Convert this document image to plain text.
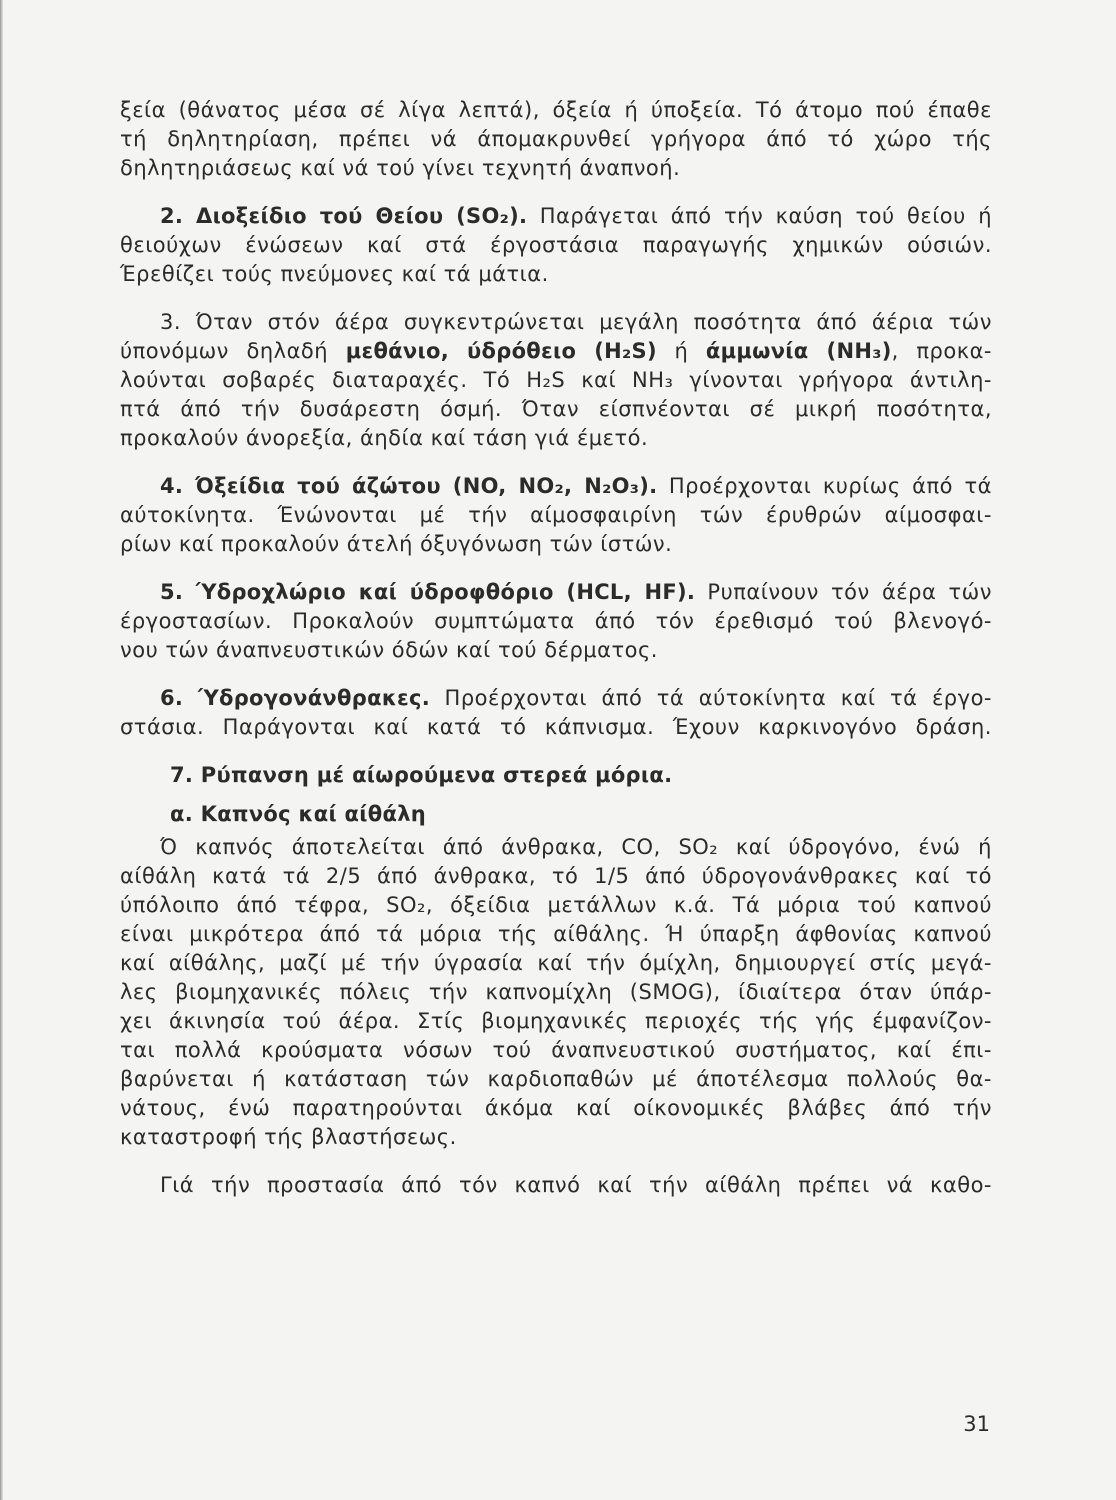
ξεία (θάνατος μέσα σέ λίγα λεπτά), όξεία ή ύποξεία. Τό άτομο πού έπαθε
τή δηλητηρίαση, πρέπει νά άπομακρυνθεί γρήγορα άπό τό χώρο τής
δηλητηριάσεως καί νά τού γίνει τεχνητή άναπνοή.
2. Διοξείδιο τού Θείου (SO₂). Παράγεται άπό τήν καύση τού θείου ή
θειούχων ένώσεων καί στά έργοστάσια παραγωγής χημικών ούσιών.
Έρεθίζει τούς πνεύμονες καί τά μάτια.
3. Όταν στόν άέρα συγκεντρώνεται μεγάλη ποσότητα άπό άέρια τών
ύπονόμων δηλαδή μεθάνιο, ύδρόθειο (H₂S) ή άμμωνία (NH₃), προκα-
λούνται σοβαρές διαταραχές. Τό H₂S καί NH₃ γίνονται γρήγορα άντιλη-
πτά άπό τήν δυσάρεστη όσμή. Όταν είσπνέονται σέ μικρή ποσότητα,
προκαλούν άνορεξία, άηδία καί τάση γιά έμετό.
4. Όξείδια τού άζώτου (NO, NO₂, N₂O₃). Προέρχονται κυρίως άπό τά
αύτοκίνητα. Ένώνονται μέ τήν αίμοσφαιρίνη τών έρυθρών αίμοσφαι-
ρίων καί προκαλούν άτελή όξυγόνωση τών ίστών.
5. Ύδροχλώριο καί ύδροφθόριο (HCL, HF). Ρυπαίνουν τόν άέρα τών
έργοστασίων. Προκαλούν συμπτώματα άπό τόν έρεθισμό τού βλενογό-
νου τών άναπνευστικών όδών καί τού δέρματος.
6. Ύδρογονάνθρακες. Προέρχονται άπό τά αύτοκίνητα καί τά έργο-
στάσια. Παράγονται καί κατά τό κάπνισμα. Έχουν καρκινογόνο δράση.
7. Ρύπανση μέ αίωρούμενα στερεά μόρια.
α. Καπνός καί αίθάλη
Ό καπνός άποτελείται άπό άνθρακα, CO, SO₂ καί ύδρογόνο, ένώ ή
αίθάλη κατά τά 2/5 άπό άνθρακα, τό 1/5 άπό ύδρογονάνθρακες καί τό
ύπόλοιπο άπό τέφρα, SO₂, όξείδια μετάλλων κ.ά. Τά μόρια τού καπνού
είναι μικρότερα άπό τά μόρια τής αίθάλης. Ή ύπαρξη άφθονίας καπνού
καί αίθάλης, μαζί μέ τήν ύγρασία καί τήν όμίχλη, δημιουργεί στίς μεγά-
λες βιομηχανικές πόλεις τήν καπνομίχλη (SMOG), ίδιαίτερα όταν ύπάρ-
χει άκινησία τού άέρα. Στίς βιομηχανικές περιοχές τής γής έμφανίζον-
ται πολλά κρούσματα νόσων τού άναπνευστικού συστήματος, καί έπι-
βαρύνεται ή κατάσταση τών καρδιοπαθών μέ άποτέλεσμα πολλούς θα-
νάτους, ένώ παρατηρούνται άκόμα καί οίκονομικές βλάβες άπό τήν
καταστροφή τής βλαστήσεως.
Γιά τήν προστασία άπό τόν καπνό καί τήν αίθάλη πρέπει νά καθο-
31
